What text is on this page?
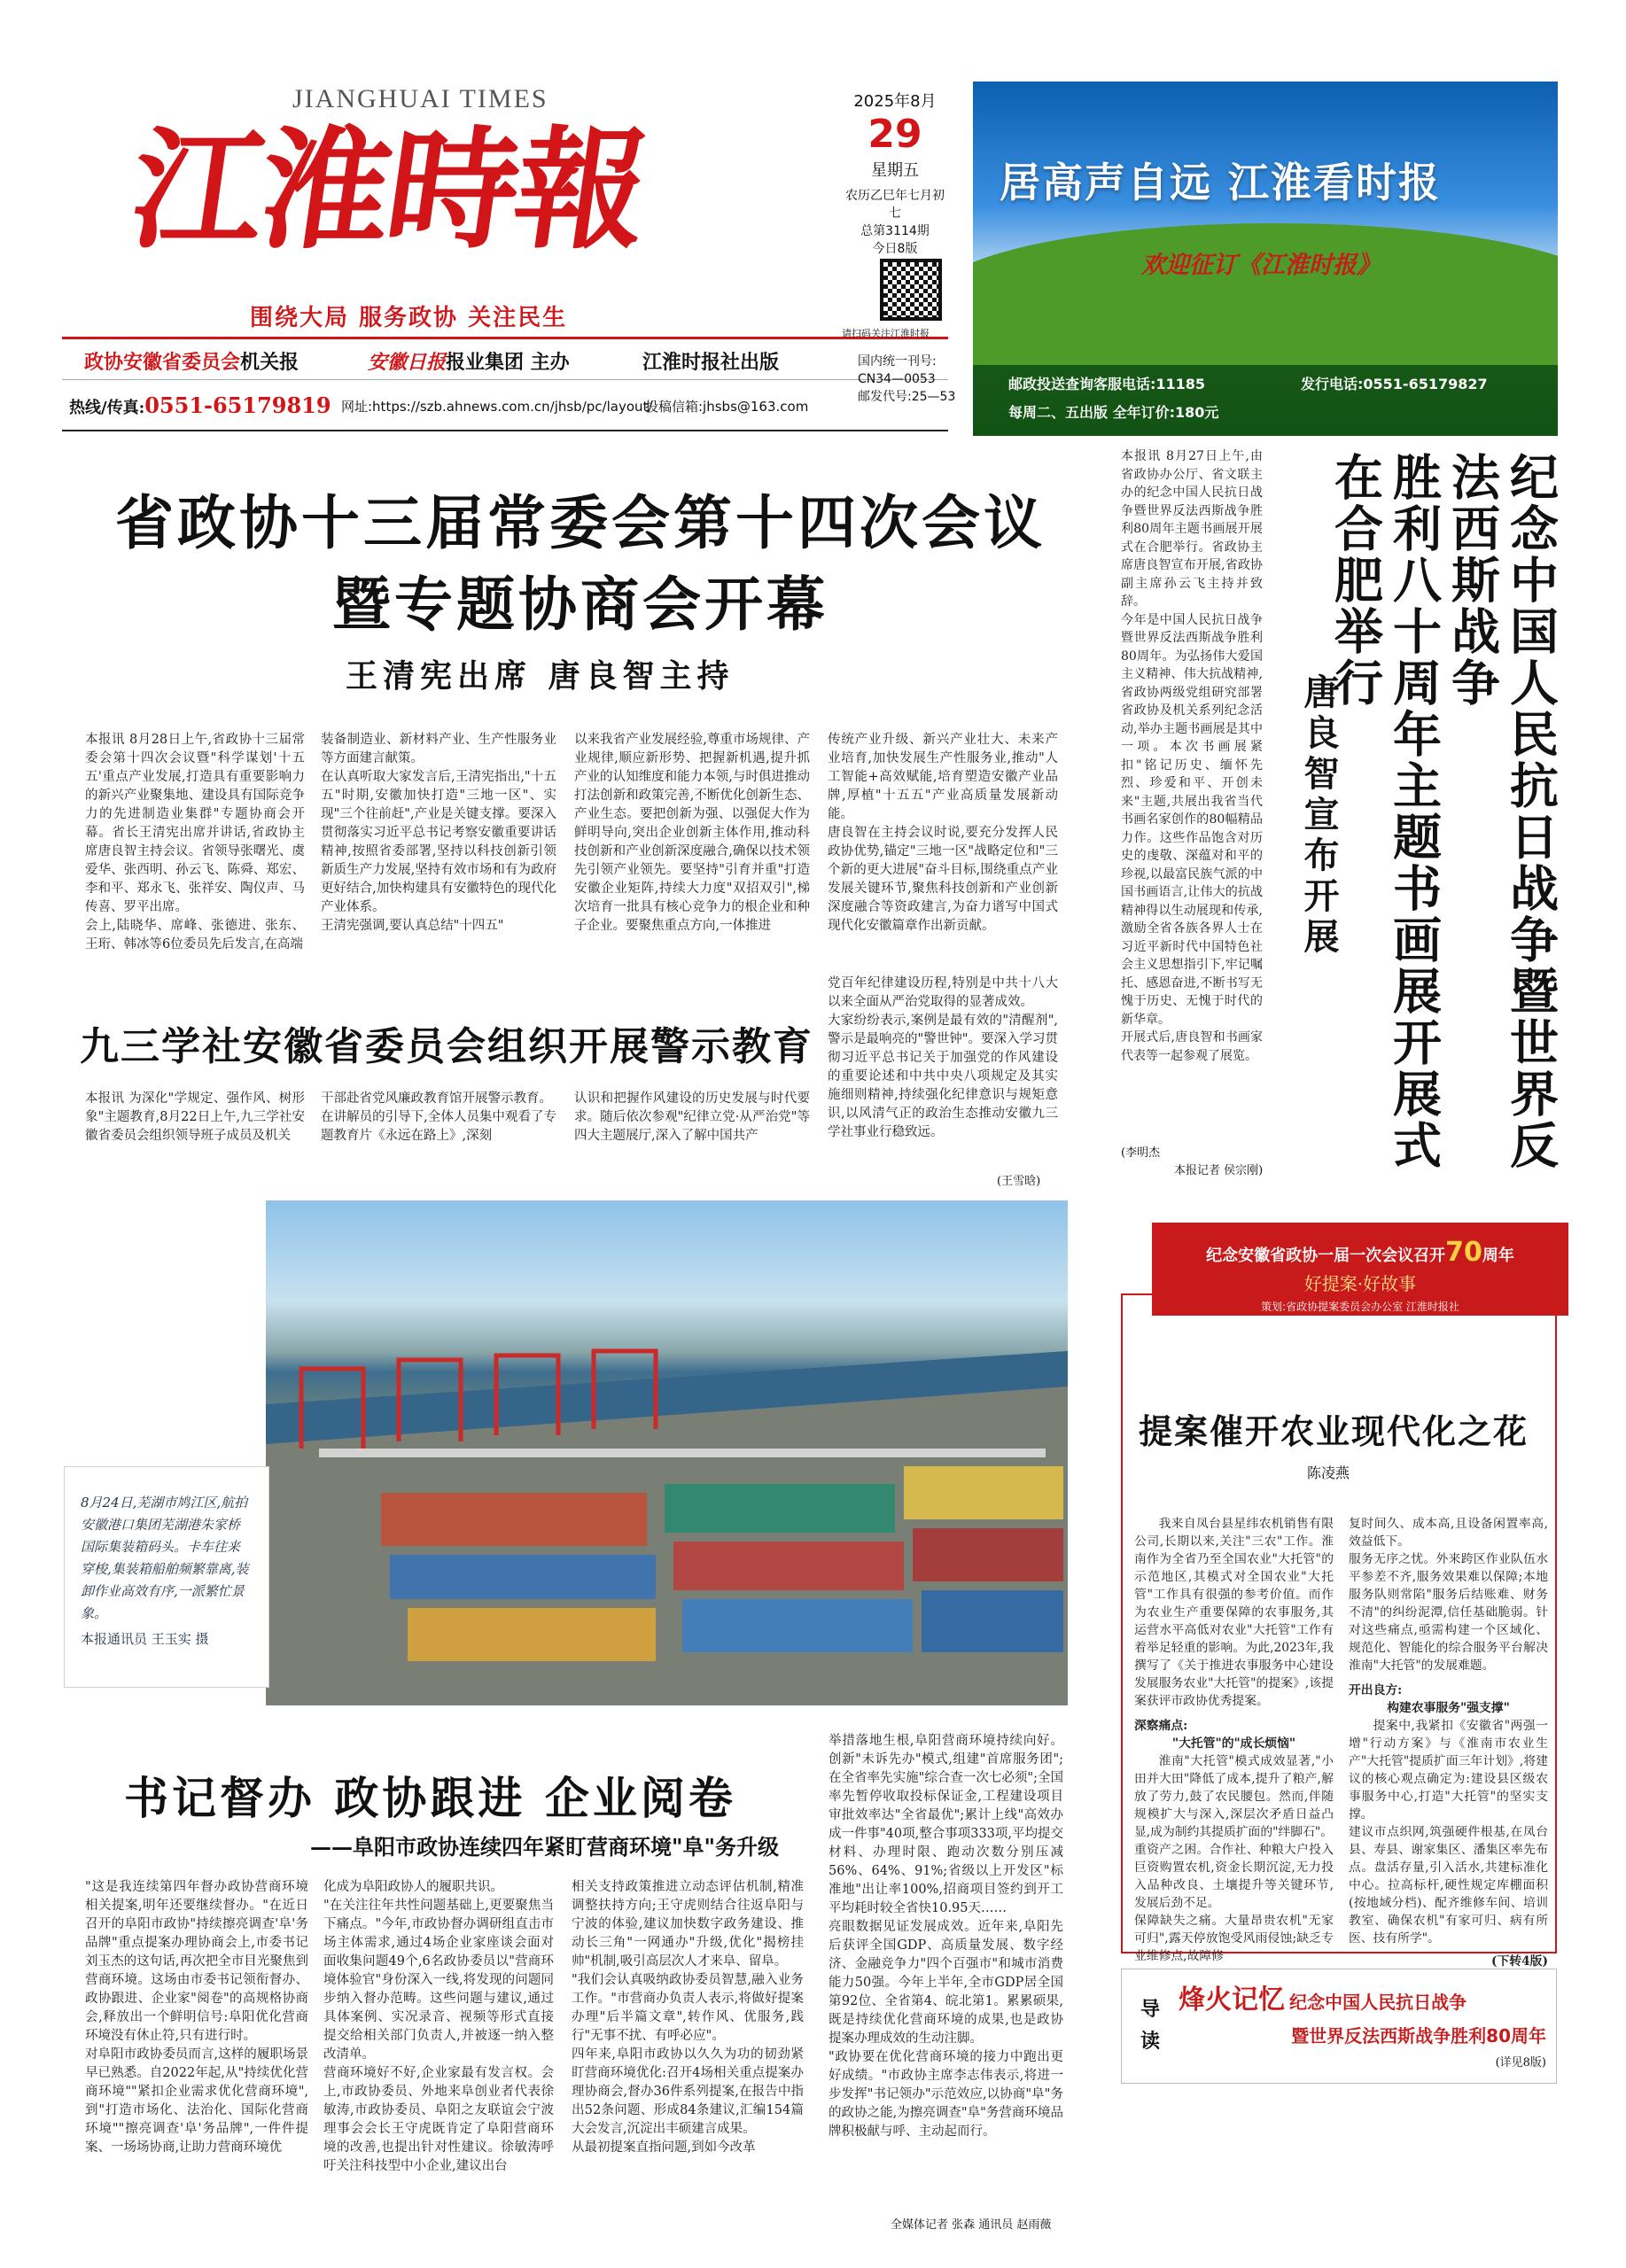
JIANGHUAI TIMES
江淮時報
围绕大局 服务政协 关注民生
政协安徽省委员会机关报	安徽日报报业集团 主办	江淮时报社出版
热线/传真:0551-65179819 网址:https://szb.ahnews.com.cn/jhsb/pc/layout/
投稿信箱:jhsbs@163.com
2025年8月
29
星期五
农历乙巳年七月初七
总第3114期
今日8版
请扫码关注江淮时报
国内统一刊号:
CN34—0053
邮发代号:25—53
居高声自远 江淮看时报
欢迎征订《江淮时报》
邮政投送查询客服电话:11185	发行电话:0551-65179827
每周二、五出版 全年订价:180元
省政协十三届常委会第十四次会议
暨专题协商会开幕
王清宪出席 唐良智主持
本报讯 8月28日上午,省政协十三届常委会第十四次会议暨"科学谋划'十五五'重点产业发展,打造具有重要影响力的新兴产业聚集地、建设具有国际竞争力的先进制造业集群"专题协商会开幕。省长王清宪出席并讲话,省政协主席唐良智主持会议。省领导张曙光、虞爱华、张西明、孙云飞、陈舜、郑宏、李和平、郑永飞、张祥安、陶仪声、马传喜、罗平出席。
会上,陆晓华、席峰、张德进、张东、王珩、韩冰等6位委员先后发言,在高端
装备制造业、新材料产业、生产性服务业等方面建言献策。
在认真听取大家发言后,王清宪指出,"十五五"时期,安徽加快打造"三地一区"、实现"三个往前赶",产业是关键支撑。要深入贯彻落实习近平总书记考察安徽重要讲话精神,按照省委部署,坚持以科技创新引领新质生产力发展,坚持有效市场和有为政府更好结合,加快构建具有安徽特色的现代化产业体系。
王清宪强调,要认真总结"十四五"
以来我省产业发展经验,尊重市场规律、产业规律,顺应新形势、把握新机遇,提升抓产业的认知维度和能力本领,与时俱进推动打法创新和政策完善,不断优化创新生态、产业生态。要把创新为强、以强促大作为鲜明导向,突出企业创新主体作用,推动科技创新和产业创新深度融合,确保以技术领先引领产业领先。要坚持"引育并重"打造安徽企业矩阵,持续大力度"双招双引",梯次培育一批具有核心竞争力的根企业和种子企业。要聚焦重点方向,一体推进
传统产业升级、新兴产业壮大、未来产业培育,加快发展生产性服务业,推动"人工智能+高效赋能,培育塑造安徽产业品牌,厚植"十五五"产业高质量发展新动能。
唐良智在主持会议时说,要充分发挥人民政协优势,锚定"三地一区"战略定位和"三个新的更大进展"奋斗目标,围绕重点产业发展关键环节,聚焦科技创新和产业创新深度融合等资政建言,为奋力谱写中国式现代化安徽篇章作出新贡献。
本报讯 8月27日上午,由省政协办公厅、省文联主办的纪念中国人民抗日战争暨世界反法西斯战争胜利80周年主题书画展开展式在合肥举行。省政协主席唐良智宣布开展,省政协副主席孙云飞主持并致辞。
今年是中国人民抗日战争暨世界反法西斯战争胜利80周年。为弘扬伟大爱国主义精神、伟大抗战精神,省政协两级党组研究部署省政协及机关系列纪念活动,举办主题书画展是其中一项。本次书画展紧扣"铭记历史、缅怀先烈、珍爱和平、开创未来"主题,共展出我省当代书画名家创作的80幅精品力作。这些作品饱含对历史的虔敬、深蕴对和平的珍视,以最富民族气派的中国书画语言,让伟大的抗战精神得以生动展现和传承,激励全省各族各界人士在习近平新时代中国特色社会主义思想指引下,牢记嘱托、感恩奋进,不断书写无愧于历史、无愧于时代的新华章。
开展式后,唐良智和书画家代表等一起参观了展览。
(李明杰
本报记者 侯宗刚)
唐良智宣布开展	纪念中国人民抗日战争暨世界反法西斯战争
胜利八十周年主题书画展开展式在合肥举行
九三学社安徽省委员会组织开展警示教育
本报讯 为深化"学规定、强作风、树形象"主题教育,8月22日上午,九三学社安徽省委员会组织领导班子成员及机关
干部赴省党风廉政教育馆开展警示教育。
在讲解员的引导下,全体人员集中观看了专题教育片《永远在路上》,深刻
认识和把握作风建设的历史发展与时代要求。随后依次参观"纪律立党·从严治党"等四大主题展厅,深入了解中国共产
党百年纪律建设历程,特别是中共十八大以来全面从严治党取得的显著成效。
大家纷纷表示,案例是最有效的"清醒剂",警示是最响亮的"警世钟"。要深入学习贯彻习近平总书记关于加强党的作风建设的重要论述和中共中央八项规定及其实施细则精神,持续强化纪律意识与规矩意识,以风清气正的政治生态推动安徽九三学社事业行稳致远。
(王雪晗)
8月24日,芜湖市鸠江区,航拍安徽港口集团芜湖港朱家桥国际集装箱码头。卡车往来穿梭,集装箱船舶频繁靠离,装卸作业高效有序,一派繁忙景象。
本报通讯员 王玉实 摄
书记督办 政协跟进 企业阅卷
——阜阳市政协连续四年紧盯营商环境"阜"务升级
"这是我连续第四年督办政协营商环境相关提案,明年还要继续督办。"在近日召开的阜阳市政协"持续擦亮调查'阜'务品牌"重点提案办理协商会上,市委书记刘玉杰的这句话,再次把全市目光聚焦到营商环境。这场由市委书记领衔督办、政协跟进、企业家"阅卷"的高规格协商会,释放出一个鲜明信号:阜阳优化营商环境没有休止符,只有进行时。
对阜阳市政协委员而言,这样的履职场景早已熟悉。自2022年起,从"持续优化营商环境""紧扣企业需求优化营商环境",到"打造市场化、法治化、国际化营商环境""擦亮调查'阜'务品牌",一件件提案、一场场协商,让助力营商环境优
化成为阜阳政协人的履职共识。
"在关注往年共性问题基础上,更要聚焦当下痛点。"今年,市政协督办调研组直击市场主体需求,通过4场企业家座谈会面对面收集问题49个,6名政协委员以"营商环境体验官"身份深入一线,将发现的问题同步纳入督办范畴。这些问题与建议,通过具体案例、实况录音、视频等形式直接提交给相关部门负责人,并被逐一纳入整改清单。
营商环境好不好,企业家最有发言权。会上,市政协委员、外地来阜创业者代表徐敏涛,市政协委员、阜阳之友联谊会宁波理事会会长王守虎既肯定了阜阳营商环境的改善,也提出针对性建议。徐敏涛呼吁关注科技型中小企业,建议出台
相关支持政策推进立动态评估机制,精准调整扶持方向;王守虎则结合往返阜阳与宁波的体验,建议加快数字政务建设、推动长三角"一网通办"升级,优化"揭榜挂帅"机制,吸引高层次人才来阜、留阜。
"我们会认真吸纳政协委员智慧,融入业务工作。"市营商办负责人表示,将做好提案办理"后半篇文章",转作风、优服务,践行"无事不扰、有呼必应"。
四年来,阜阳市政协以久久为功的韧劲紧盯营商环境优化:召开4场相关重点提案办理协商会,督办36件系列提案,在报告中指出52条问题、形成84条建议,汇编154篇大会发言,沉淀出丰硕建言成果。
从最初提案直指问题,到如今改革
举措落地生根,阜阳营商环境持续向好。创新"未诉先办"模式,组建"首席服务团";在全省率先实施"综合查一次七必须";全国率先暂停收取投标保证金,工程建设项目审批效率达"全省最优";累计上线"高效办成一件事"40项,整合事项333项,平均提交材料、办理时限、跑动次数分别压减56%、64%、91%;省级以上开发区"标准地"出让率100%,招商项目签约到开工平均耗时较全省快10.95天……
亮眼数据见证发展成效。近年来,阜阳先后获评全国GDP、高质量发展、数字经济、金融竞争力"四个百强市"和城市消费能力50强。今年上半年,全市GDP居全国第92位、全省第4、皖北第1。累累硕果,既是持续优化营商环境的成果,也是政协提案办理成效的生动注脚。
"政协要在优化营商环境的接力中跑出更好成绩。"市政协主席李志伟表示,将进一步发挥"书记领办"示范效应,以协商"阜"务的政协之能,为擦亮调查"阜"务营商环境品牌积极献与呼、主动起而行。
全媒体记者 张森 通讯员 赵雨薇
纪念安徽省政协一届一次会议召开70周年
好提案·好故事
策划:省政协提案委员会办公室 江淮时报社
提案催开农业现代化之花
陈凌燕
我来自凤台县星纬农机销售有限公司,长期以来,关注"三农"工作。淮南作为全省乃至全国农业"大托管"的示范地区,其模式对全国农业"大托管"工作具有很强的参考价值。而作为农业生产重要保障的农事服务,其运营水平高低对农业"大托管"工作有着举足轻重的影响。为此,2023年,我撰写了《关于推进农事服务中心建设发展服务农业"大托管"的提案》,该提案获评市政协优秀提案。
深察痛点:
"大托管"的"成长烦恼"
淮南"大托管"模式成效显著,"小田并大田"降低了成本,提升了粮产,解放了劳力,鼓了农民腰包。然而,伴随规模扩大与深入,深层次矛盾日益凸显,成为制约其提质扩面的"绊脚石"。
重资产之困。合作社、种粮大户投入巨资购置农机,资金长期沉淀,无力投入品种改良、土壤提升等关键环节,发展后劲不足。
保障缺失之痛。大量昂贵农机"无家可归",露天停放饱受风雨侵蚀;缺乏专业维修点,故障修
复时间久、成本高,且设备闲置率高,效益低下。
服务无序之忧。外来跨区作业队伍水平参差不齐,服务效果难以保障;本地服务队则常陷"服务后结账难、财务不清"的纠纷泥潭,信任基础脆弱。针对这些痛点,亟需构建一个区域化、规范化、智能化的综合服务平台解决淮南"大托管"的发展难题。
开出良方:
构建农事服务"强支撑"
提案中,我紧扣《安徽省"两强一增"行动方案》与《淮南市农业生产"大托管"提质扩面三年计划》,将建议的核心观点确定为:建设县区级农事服务中心,打造"大托管"的坚实支撑。
建议市点织网,筑强硬件根基,在凤台县、寿县、谢家集区、潘集区率先布点。盘活存量,引入活水,共建标准化中心。拉高标杆,硬性规定库棚面积(按地域分档)、配齐维修车间、培训教室、确保农机"有家可归、病有所医、技有所学"。
(下转4版)
导读
烽火记忆 纪念中国人民抗日战争
暨世界反法西斯战争胜利80周年
(详见8版)
